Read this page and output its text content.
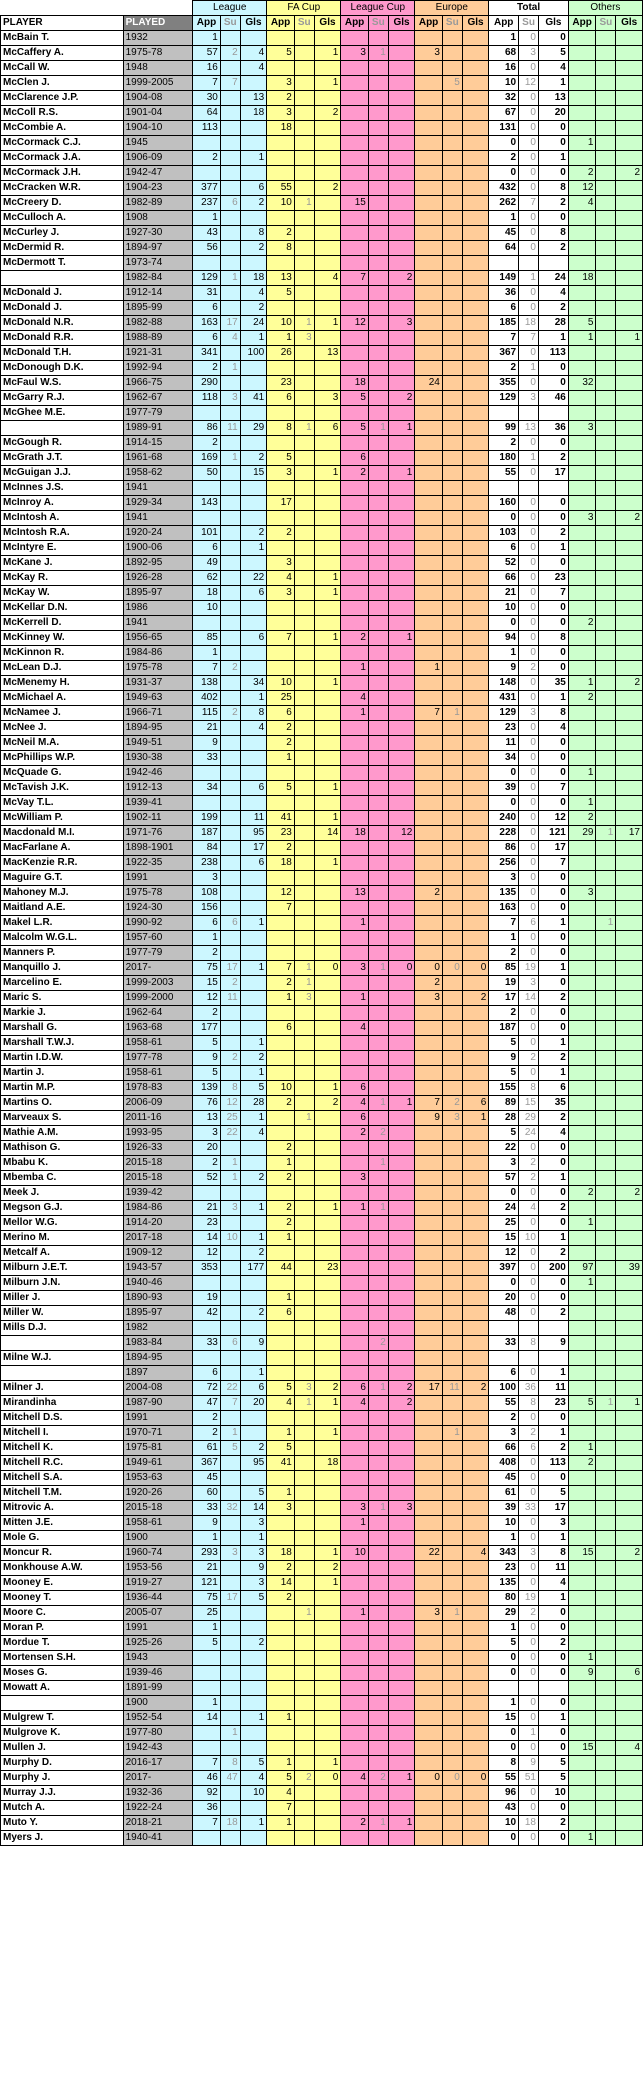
		League			FA Cup			League Cup			Europe			Total			Others		
PLAYER	PLAYED	App	Su	Gls	App	Su	Gls	App	Su	Gls	App	Su	Gls	App	Su	Gls	App	Su	Gls
McBain T.	1932	1												1	0	0			
McCaffery A.	1975-78	57	2	4	5		1	3	1		3			68	3	5			
McCall W.	1948	16		4										16	0	4			
McClen J.	1999-2005	7	7		3		1					5		10	12	1			
McClarence J.P.	1904-08	30		13	2									32	0	13			
McColl R.S.	1901-04	64		18	3		2							67	0	20			
McCombie A.	1904-10	113			18									131	0	0			
McCormack C.J.	1945													0	0	0	1		
McCormack J.A.	1906-09	2		1										2	0	1			
McCormack J.H.	1942-47													0	0	0	2		2
McCracken W.R.	1904-23	377		6	55		2							432	0	8	12		
McCreery D.	1982-89	237	6	2	10	1		15						262	7	2	4		
McCulloch A.	1908	1												1	0	0			
McCurley J.	1927-30	43		8	2									45	0	8			
McDermid R.	1894-97	56		2	8									64	0	2			
McDermott T.	1973-74																		
	1982-84	129	1	18	13		4	7		2				149	1	24	18		
McDonald J.	1912-14	31		4	5									36	0	4			
McDonald J.	1895-99	6		2										6	0	2			
McDonald N.R.	1982-88	163	17	24	10	1	1	12		3				185	18	28	5		
McDonald R.R.	1988-89	6	4	1	1	3								7	7	1	1		1
McDonald T.H.	1921-31	341		100	26		13							367	0	113			
McDonough D.K.	1992-94	2	1											2	1	0			
McFaul W.S.	1966-75	290			23			18			24			355	0	0	32		
McGarry R.J.	1962-67	118	3	41	6		3	5		2				129	3	46			
McGhee M.E.	1977-79																		
	1989-91	86	11	29	8	1	6	5	1	1				99	13	36	3		
McGough R.	1914-15	2												2	0	0			
McGrath J.T.	1961-68	169	1	2	5			6						180	1	2			
McGuigan J.J.	1958-62	50		15	3		1	2		1				55	0	17			
McInnes J.S.	1941																		
McInroy A.	1929-34	143			17									160	0	0			
McIntosh A.	1941													0	0	0	3		2
McIntosh R.A.	1920-24	101		2	2									103	0	2			
McIntyre E.	1900-06	6		1										6	0	1			
McKane J.	1892-95	49			3									52	0	0			
McKay R.	1926-28	62		22	4		1							66	0	23			
McKay W.	1895-97	18		6	3		1							21	0	7			
McKellar D.N.	1986	10												10	0	0			
McKerrell D.	1941													0	0	0	2		
McKinney W.	1956-65	85		6	7		1	2		1				94	0	8			
McKinnon R.	1984-86	1												1	0	0			
McLean D.J.	1975-78	7	2					1			1			9	2	0			
McMenemy H.	1931-37	138		34	10		1							148	0	35	1		2
McMichael A.	1949-63	402		1	25			4						431	0	1	2		
McNamee J.	1966-71	115	2	8	6			1			7	1		129	3	8			
McNee J.	1894-95	21		4	2									23	0	4			
McNeil M.A.	1949-51	9			2									11	0	0			
McPhillips W.P.	1930-38	33			1									34	0	0			
McQuade G.	1942-46													0	0	0	1		
McTavish J.K.	1912-13	34		6	5		1							39	0	7			
McVay T.L.	1939-41													0	0	0	1		
McWilliam P.	1902-11	199		11	41		1							240	0	12	2		
Macdonald M.I.	1971-76	187		95	23		14	18		12				228	0	121	29	1	17
MacFarlane A.	1898-1901	84		17	2									86	0	17			
MacKenzie R.R.	1922-35	238		6	18		1							256	0	7			
Maguire G.T.	1991	3												3	0	0			
Mahoney M.J.	1975-78	108			12			13			2			135	0	0	3		
Maitland A.E.	1924-30	156			7									163	0	0			
Makel L.R.	1990-92	6	6	1				1						7	6	1		1	
Malcolm W.G.L.	1957-60	1												1	0	0			
Manners P.	1977-79	2												2	0	0			
Manquillo J.	2017-	75	17	1	7	1	0	3	1	0	0	0	0	85	19	1			
Marcelino E.	1999-2003	15	2		2	1					2			19	3	0			
Maric S.	1999-2000	12	11		1	3		1			3		2	17	14	2			
Markie J.	1962-64	2												2	0	0			
Marshall G.	1963-68	177			6			4						187	0	0			
Marshall T.W.J.	1958-61	5		1										5	0	1			
Martin I.D.W.	1977-78	9	2	2										9	2	2			
Martin J.	1958-61	5		1										5	0	1			
Martin M.P.	1978-83	139	8	5	10		1	6						155	8	6			
Martins O.	2006-09	76	12	28	2		2	4	1	1	7	2	6	89	15	35			
Marveaux S.	2011-16	13	25	1		1		6			9	3	1	28	29	2			
Mathie A.M.	1993-95	3	22	4				2	2					5	24	4			
Mathison G.	1926-33	20			2									22	0	0			
Mbabu K.	2015-18	2	1		1				1					3	2	0			
Mbemba C.	2015-18	52	1	2	2			3						57	2	1			
Meek J.	1939-42													0	0	0	2		2
Megson G.J.	1984-86	21	3	1	2		1	1	1					24	4	2			
Mellor W.G.	1914-20	23			2									25	0	0	1		
Merino M.	2017-18	14	10	1	1									15	10	1			
Metcalf A.	1909-12	12		2										12	0	2			
Milburn J.E.T.	1943-57	353		177	44		23							397	0	200	97		39
Milburn J.N.	1940-46													0	0	0	1		
Miller J.	1890-93	19			1									20	0	0			
Miller W.	1895-97	42		2	6									48	0	2			
Mills D.J.	1982																		
	1983-84	33	6	9					2					33	8	9			
Milne W.J.	1894-95																		
	1897	6		1										6	0	1			
Milner J.	2004-08	72	22	6	5	3	2	6	1	2	17	11	2	100	36	11			
Mirandinha	1987-90	47	7	20	4	1	1	4		2				55	8	23	5	1	1
Mitchell D.S.	1991	2												2	0	0			
Mitchell I.	1970-71	2	1		1		1					1		3	2	1			
Mitchell K.	1975-81	61	5	2	5									66	6	2	1		
Mitchell R.C.	1949-61	367		95	41		18							408	0	113	2		
Mitchell S.A.	1953-63	45												45	0	0			
Mitchell T.M.	1920-26	60		5	1									61	0	5			
Mitrovic A.	2015-18	33	32	14	3			3	1	3				39	33	17			
Mitten J.E.	1958-61	9		3				1						10	0	3			
Mole G.	1900	1		1										1	0	1			
Moncur R.	1960-74	293	3	3	18		1	10			22		4	343	3	8	15		2
Monkhouse A.W.	1953-56	21		9	2		2							23	0	11			
Mooney E.	1919-27	121		3	14		1							135	0	4			
Mooney T.	1936-44	75	17	5	2									80	19	1			
Moore C.	2005-07	25				1		1			3	1		29	2	0			
Moran P.	1991	1												1	0	0			
Mordue T.	1925-26	5		2										5	0	2			
Mortensen S.H.	1943													0	0	0	1		
Moses G.	1939-46													0	0	0	9		6
Mowatt A.	1891-99																		
	1900	1												1	0	0			
Mulgrew T.	1952-54	14		1	1									15	0	1			
Mulgrove K.	1977-80		1											0	1	0			
Mullen J.	1942-43													0	0	0	15		4
Murphy D.	2016-17	7	8	5	1		1							8	9	5			
Murphy J.	2017-	46	47	4	5	2	0	4	2	1	0	0	0	55	51	5			
Murray J.J.	1932-36	92		10	4									96	0	10			
Mutch A.	1922-24	36			7									43	0	0			
Muto Y.	2018-21	7	18	1	1			2	1	1				10	18	2			
Myers J.	1940-41													0	0	0	1		
